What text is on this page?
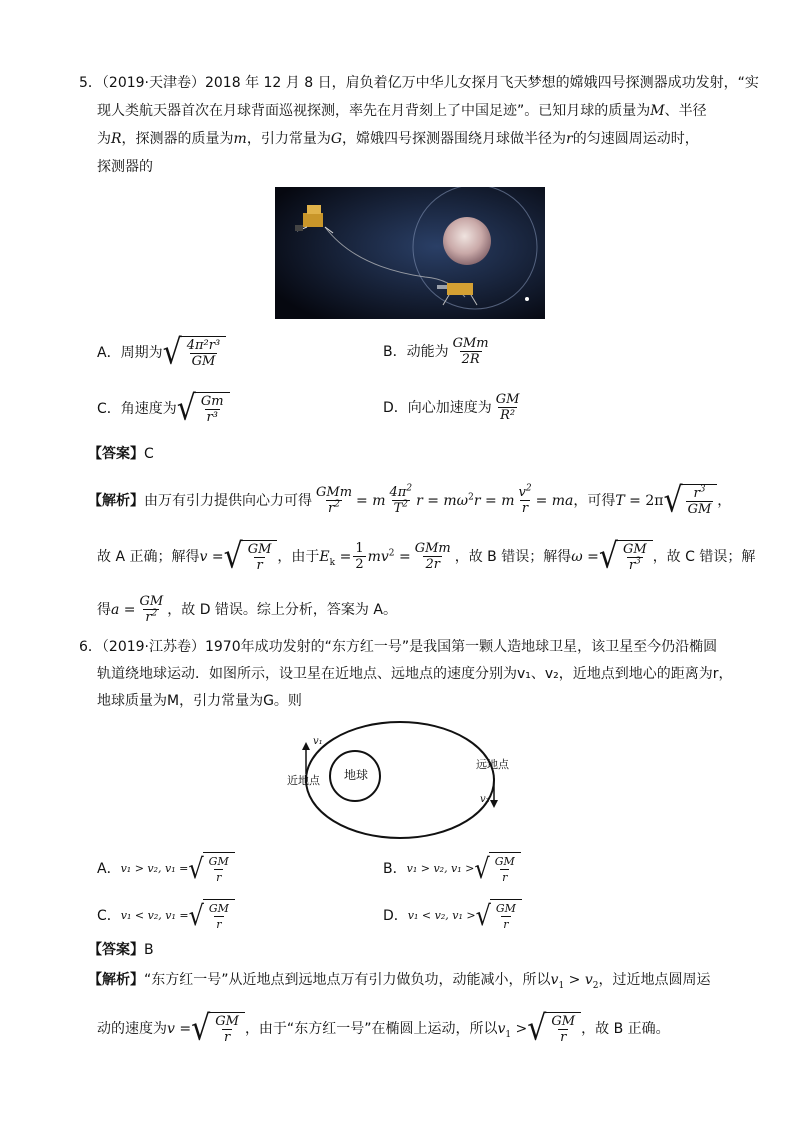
5．（2019·天津卷）2018 年 12 月 8 日，肩负着亿万中华儿女探月飞天梦想的嫦娥四号探测器成功发射，“实
现人类航天器首次在月球背面巡视探测，率先在月背刻上了中国足迹”。已知月球的质量为M、半径
为R，探测器的质量为m，引力常量为G，嫦娥四号探测器围绕月球做半径为r的匀速圆周运动时，
探测器的
A．周期为 √ $\frac{\text{4π²r³}}{GM}$	B．动能为 $\frac{\text{GMm}}{2R}$
C．角速度为 √ $\frac{Gm}{\text{r³}}$	D．向心加速度为 $\frac{GM}{\text{R²}}$
【答案】C
【解析】 由万有引力提供向心力可得 $\frac{\text{GMm}}{r^2} = m \frac{4\pi^2}{T^2}$ $r = m\omega^2r = m \frac{v^2}{r}$ = ma ，可得 T = 2π √ $\frac{r^3}{GM}$ ，
故 A 正确；解得 v = √ $\frac{GM}{r}$ ，由于 $E_k = \frac{1}{2} mv^2 = \frac{\text{GMm}}{2r}$ ，故 B 错误；解得 ω = √ $\frac{GM}{r^3}$ ，故 C 错误；解
得 $a = \frac{GM}{r^2}$ ，故 D 错误。综上分析，答案为 A。
6．（2019·江苏卷）1970年成功发射的“东方红一号”是我国第一颗人造地球卫星，该卫星至今仍沿椭圆
轨道绕地球运动．如图所示，设卫星在近地点、远地点的速度分别为v₁、v₂，近地点到地心的距离为r，
地球质量为M，引力常量为G。则
地球
近地点
远地点
v₁
v₂
A． v₁ > v₂, v₁ = √ $\frac{GM}{r}$	B． v₁ > v₂, v₁ > √ $\frac{GM}{r}$
C． v₁ < v₂, v₁ = √ $\frac{GM}{r}$	D． v₁ < v₂, v₁ > √ $\frac{GM}{r}$
【答案】B
【解析】 “东方红一号”从近地点到远地点万有引力做负功，动能减小，所以 $v_1 > v_2$ ，过近地点圆周运
动的速度为 v = √ $\frac{GM}{r}$ ，由于“东方红一号”在椭圆上运动，所以 $v_1$ > √ $\frac{GM}{r}$ ，故 B 正确。
